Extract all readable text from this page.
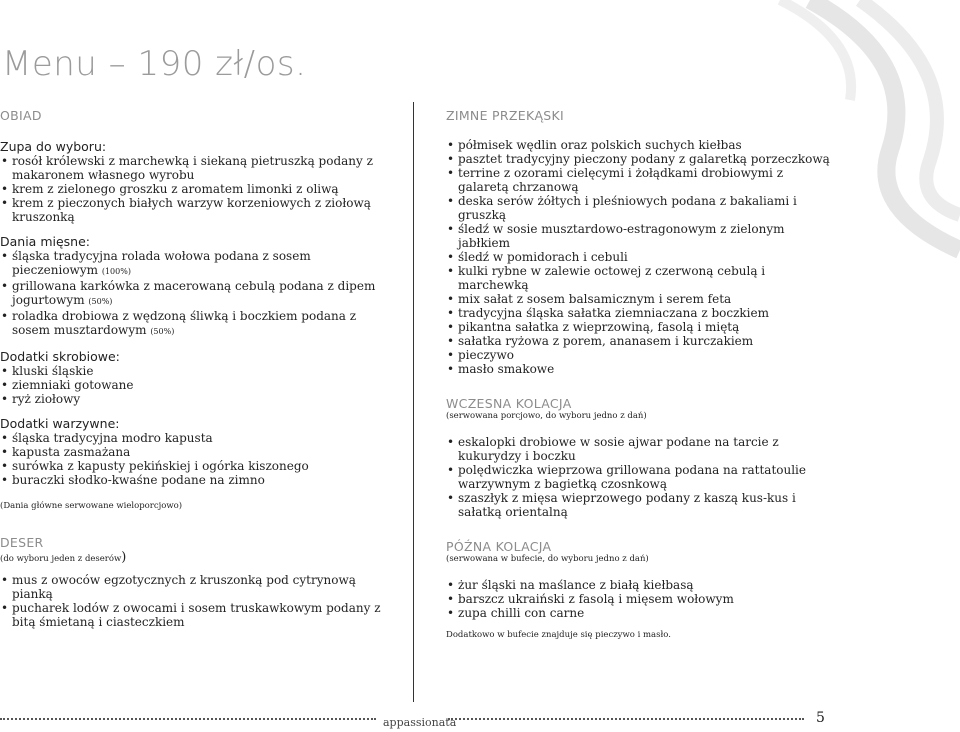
Menu – 190 zł/os.

OBIAD

Zupa do wyboru:

• rosół królewski z marchewką i siekaną pietruszką podany z makaronem własnego wyrobu
• krem z zielonego groszku z aromatem limonki z oliwą
• krem z pieczonych białych warzyw korzeniowych z ziołową kruszonką

Dania mięsne:

• śląska tradycyjna rolada wołowa podana z sosem pieczeniowym (100%)
• grillowana karkówka z macerowaną cebulą podana z dipem jogurtowym (50%)
• roladka drobiowa z wędzoną śliwką i boczkiem podana z sosem musztardowym (50%)

Dodatki skrobiowe:

• kluski śląskie
• ziemniaki gotowane
• ryż ziołowy

Dodatki warzywne:

• śląska tradycyjna modro kapusta
• kapusta zasmażana
• surówka z kapusty pekińskiej i ogórka kiszonego
• buraczki słodko-kwaśne podane na zimno

(Dania główne serwowane wieloporcjowo)

DESER

(do wyboru jeden z deserów)

• mus z owoców egzotycznych z kruszonką pod cytrynową pianką
• pucharek lodów z owocami i sosem truskawkowym podany z bitą śmietaną i ciasteczkiem

ZIMNE PRZEKĄSKI

• półmisek wędlin oraz polskich suchych kiełbas
• pasztet tradycyjny pieczony podany z galaretką porzeczkową
• terrine z ozorami cielęcymi i żołądkami drobiowymi z galaretą chrzanową
• deska serów żółtych i pleśniowych podana z bakaliami i gruszką
• śledź w sosie musztardowo-estragonowym z zielonym jabłkiem
• śledź w pomidorach i cebuli
• kulki rybne w zalewie octowej z czerwoną cebulą i marchewką
• mix sałat z sosem balsamicznym i serem feta
• tradycyjna śląska sałatka ziemniaczana z boczkiem
• pikantna sałatka z wieprzowiną, fasolą i miętą
• sałatka ryżowa z porem, ananasem i kurczakiem
• pieczywo
• masło smakowe

WCZESNA KOLACJA

(serwowana porcjowo, do wyboru jedno z dań)

• eskalopki drobiowe w sosie ajwar podane na tarcie z kukurydzy i boczku
• polędwiczka wieprzowa grillowana podana na rattatoulie warzywnym z bagietką czosnkową
• szaszłyk z mięsa wieprzowego podany z kaszą kus-kus i sałatką orientalną

PÓŹNA KOLACJA

(serwowana w bufecie, do wyboru jedno z dań)

• żur śląski na maślance z białą kiełbasą
• barszcz ukraiński z fasolą i mięsem wołowym
• zupa chilli con carne

Dodatkowo w bufecie znajduje się pieczywo i masło.

appassionata	5
